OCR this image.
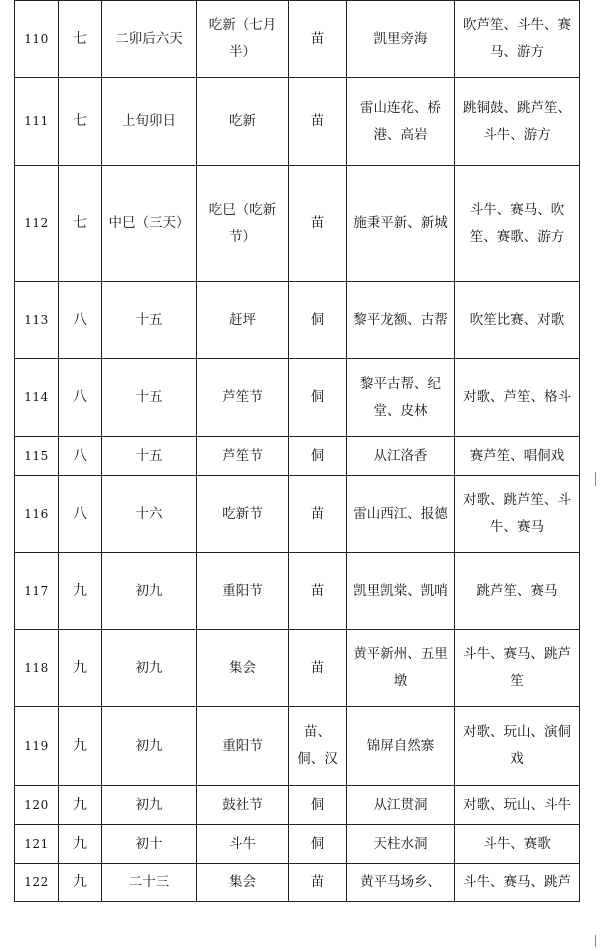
110	七	二卯后六天	吃新（七月半）	苗	凯里旁海	吹芦笙、斗牛、赛马、游方
111	七	上旬卯日	吃新	苗	雷山连花、桥港、高岩	跳铜鼓、跳芦笙、斗牛、游方
112	七	中巳（三天）	吃巳（吃新节）	苗	施秉平新、新城	斗牛、赛马、吹笙、赛歌、游方
113	八	十五	赶坪	侗	黎平龙额、古帮	吹笙比赛、对歌
114	八	十五	芦笙节	侗	黎平古帮、纪堂、皮林	对歌、芦笙、格斗
115	八	十五	芦笙节	侗	从江洛香	赛芦笙、唱侗戏
116	八	十六	吃新节	苗	雷山西江、报德	对歌、跳芦笙、斗牛、赛马
117	九	初九	重阳节	苗	凯里凯棠、凯哨	跳芦笙、赛马
118	九	初九	集会	苗	黄平新州、五里墩	斗牛、赛马、跳芦笙
119	九	初九	重阳节	苗、侗、汉	锦屏自然寨	对歌、玩山、演侗戏
120	九	初九	鼓社节	侗	从江贯洞	对歌、玩山、斗牛
121	九	初十	斗牛	侗	天柱水洞	斗牛、赛歌
122	九	二十三	集会	苗	黄平马场乡、	斗牛、赛马、跳芦
